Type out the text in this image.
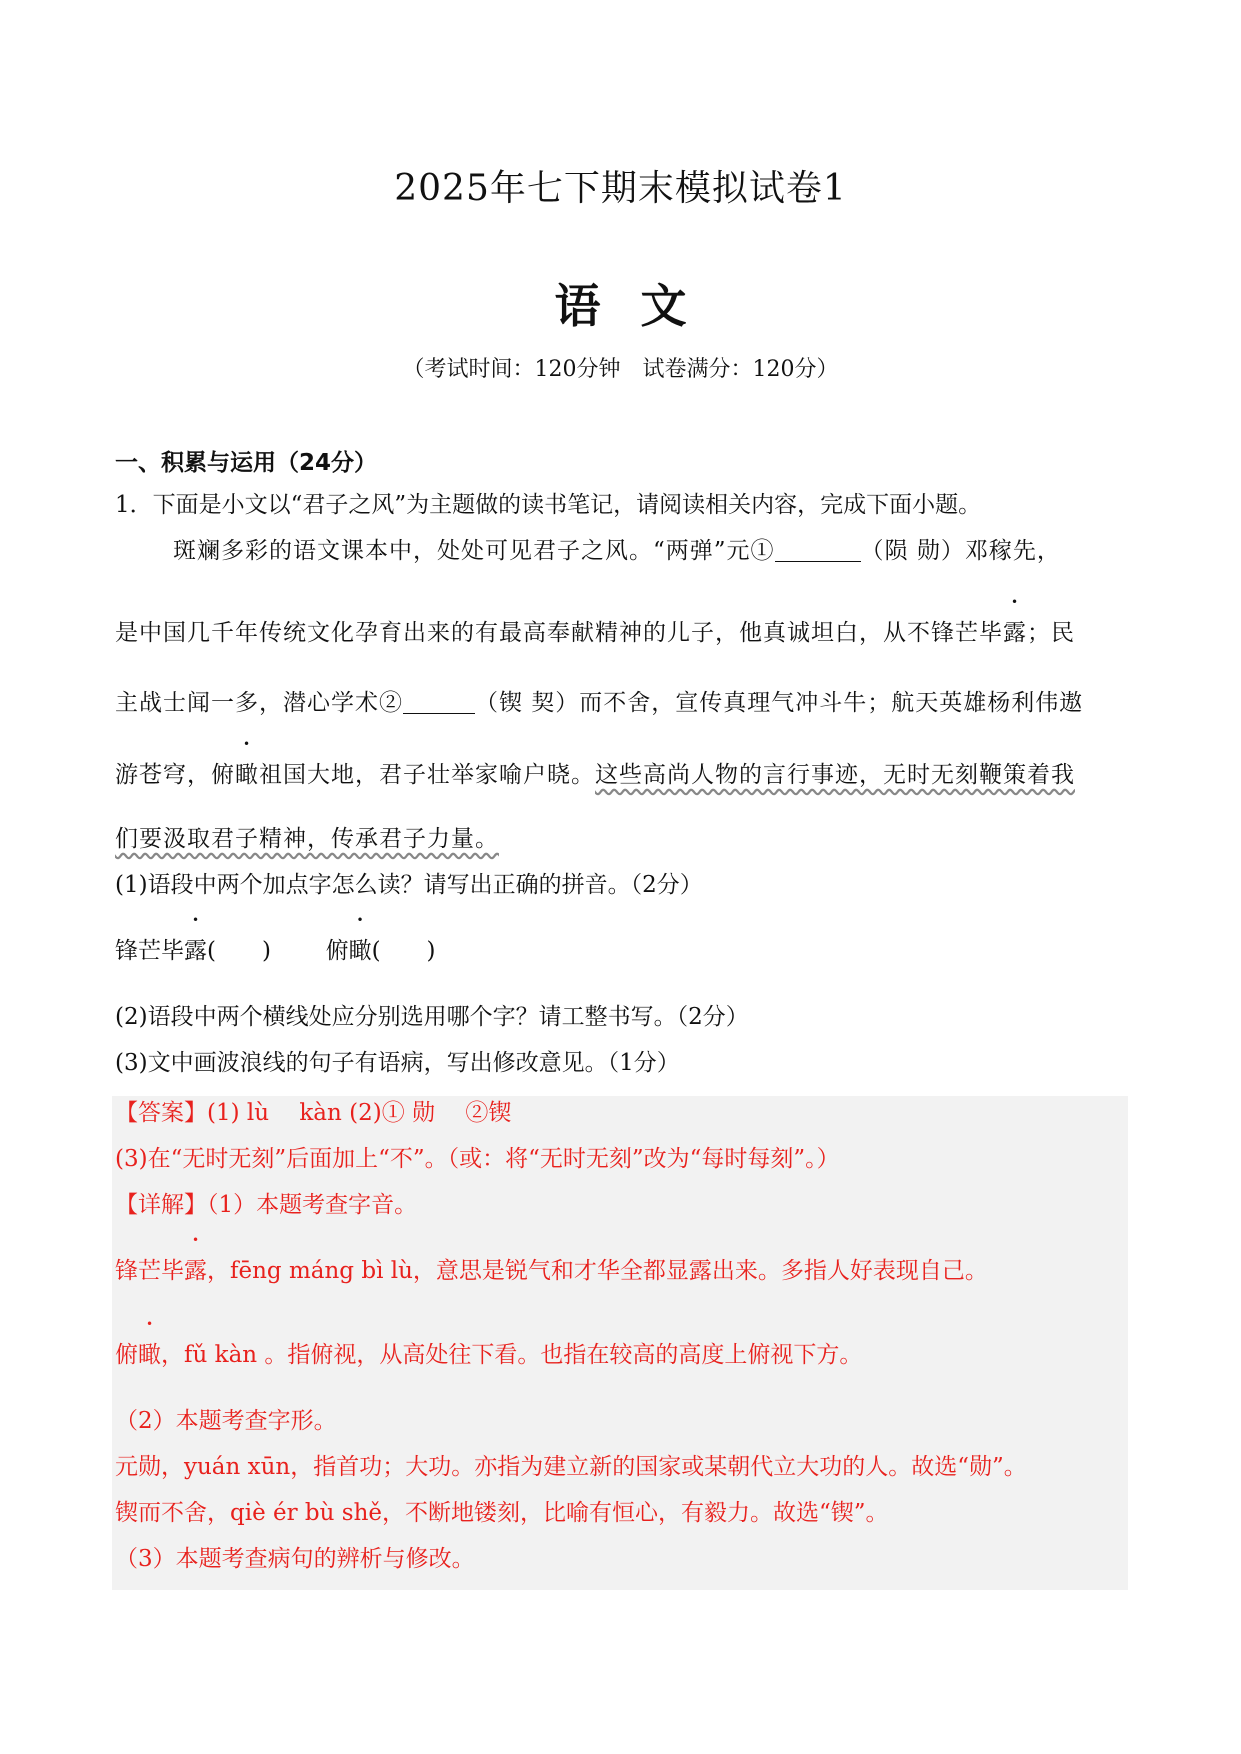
2025年七下期末模拟试卷1
语文
（考试时间：120分钟　试卷满分：120分）
一、积累与运用（24分）
1．下面是小文以“君子之风”为主题做的读书笔记，请阅读相关内容，完成下面小题。
斑斓多彩的语文课本中，处处可见君子之风。“两弹”元①	（陨 勋）邓稼先，
是中国几千年传统文化孕育出来的有最高奉献精神的儿子，他真诚坦白，从不锋芒毕露；民
主战士闻一多，潜心学术②	（锲 契）而不舍，宣传真理气冲斗牛；航天英雄杨利伟遨
游苍穹，俯瞰祖国大地，君子壮举家喻户晓。这些高尚人物的言行事迹，无时无刻鞭策着我
们要汲取君子精神，传承君子力量。
(1)语段中两个加点字怎么读？请写出正确的拼音。（2分）
锋芒毕露(　　) 俯瞰(　　)
(2)语段中两个横线处应分别选用哪个字？请工整书写。（2分）
(3)文中画波浪线的句子有语病，写出修改意见。（1分）
【答案】(1) lù　 kàn (2)① 勋　 ②锲
(3)在“无时无刻”后面加上“不”。（或：将“无时无刻”改为“每时每刻”。）
【详解】（1）本题考查字音。
锋芒毕露，fēng máng bì lù，意思是锐气和才华全都显露出来。多指人好表现自己。
俯瞰，fǔ kàn 。指俯视，从高处往下看。也指在较高的高度上俯视下方。
（2）本题考查字形。
元勋，yuán xūn，指首功；大功。亦指为建立新的国家或某朝代立大功的人。故选“勋”。
锲而不舍，qiè ér bù shě，不断地镂刻，比喻有恒心，有毅力。故选“锲”。
（3）本题考查病句的辨析与修改。
